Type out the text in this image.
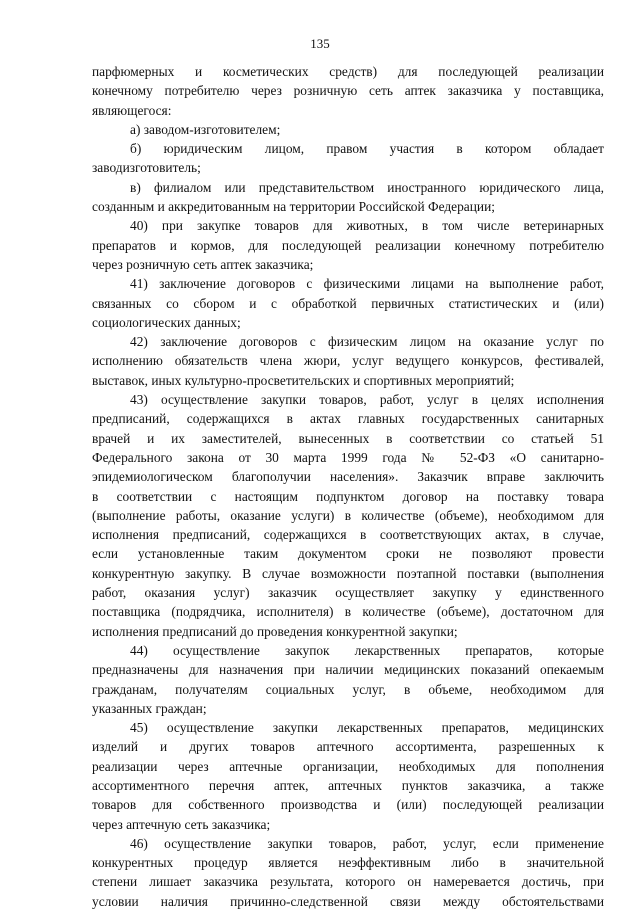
135
парфюмерных и косметических средств) для последующей реализации
конечному потребителю через розничную сеть аптек заказчика у поставщика,
являющегося:
а) заводом-изготовителем;
б) юридическим лицом, правом участия в котором обладает
заводизготовитель;
в) филиалом или представительством иностранного юридического лица,
созданным и аккредитованным на территории Российской Федерации;
40) при закупке товаров для животных, в том числе ветеринарных
препаратов и кормов, для последующей реализации конечному потребителю
через розничную сеть аптек заказчика;
41) заключение договоров с физическими лицами на выполнение работ,
связанных со сбором и с обработкой первичных статистических и (или)
социологических данных;
42) заключение договоров с физическим лицом на оказание услуг по
исполнению обязательств члена жюри, услуг ведущего конкурсов, фестивалей,
выставок, иных культурно-просветительских и спортивных мероприятий;
43) осуществление закупки товаров, работ, услуг в целях исполнения
предписаний, содержащихся в актах главных государственных санитарных
врачей и их заместителей, вынесенных в соответствии со статьей 51
Федерального закона от 30 марта 1999 года № 52-ФЗ «О санитарно-
эпидемиологическом благополучии населения». Заказчик вправе заключить
в соответствии с настоящим подпунктом договор на поставку товара
(выполнение работы, оказание услуги) в количестве (объеме), необходимом для
исполнения предписаний, содержащихся в соответствующих актах, в случае,
если установленные таким документом сроки не позволяют провести
конкурентную закупку. В случае возможности поэтапной поставки (выполнения
работ, оказания услуг) заказчик осуществляет закупку у единственного
поставщика (подрядчика, исполнителя) в количестве (объеме), достаточном для
исполнения предписаний до проведения конкурентной закупки;
44) осуществление закупок лекарственных препаратов, которые
предназначены для назначения при наличии медицинских показаний опекаемым
гражданам, получателям социальных услуг, в объеме, необходимом для
указанных граждан;
45) осуществление закупки лекарственных препаратов, медицинских
изделий и других товаров аптечного ассортимента, разрешенных к
реализации через аптечные организации, необходимых для пополнения
ассортиментного перечня аптек, аптечных пунктов заказчика, а также
товаров для собственного производства и (или) последующей реализации
через аптечную сеть заказчика;
46) осуществление закупки товаров, работ, услуг, если применение
конкурентных процедур является неэффективным либо в значительной
степени лишает заказчика результата, которого он намеревается достичь, при
условии наличия причинно-следственной связи между обстоятельствами
